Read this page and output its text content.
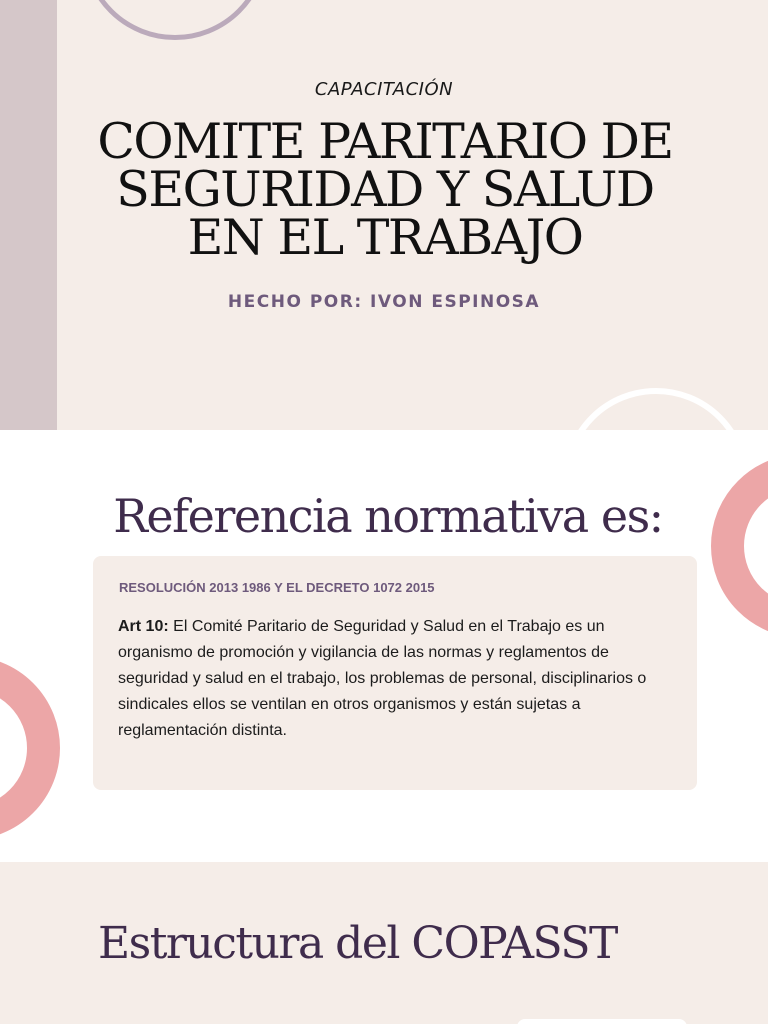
CAPACITACIÓN
COMITE PARITARIO DE
SEGURIDAD Y SALUD
EN EL TRABAJO
HECHO POR: IVON ESPINOSA
Referencia normativa es:
RESOLUCIÓN 2013 1986 Y EL DECRETO 1072 2015

Art 10: El Comité Paritario de Seguridad y Salud en el Trabajo es un organismo de promoción y vigilancia de las normas y reglamentos de seguridad y salud en el trabajo, los problemas de personal, disciplinarios o sindicales ellos se ventilan en otros organismos y están sujetas a reglamentación distinta.

Estructura del COPASST
